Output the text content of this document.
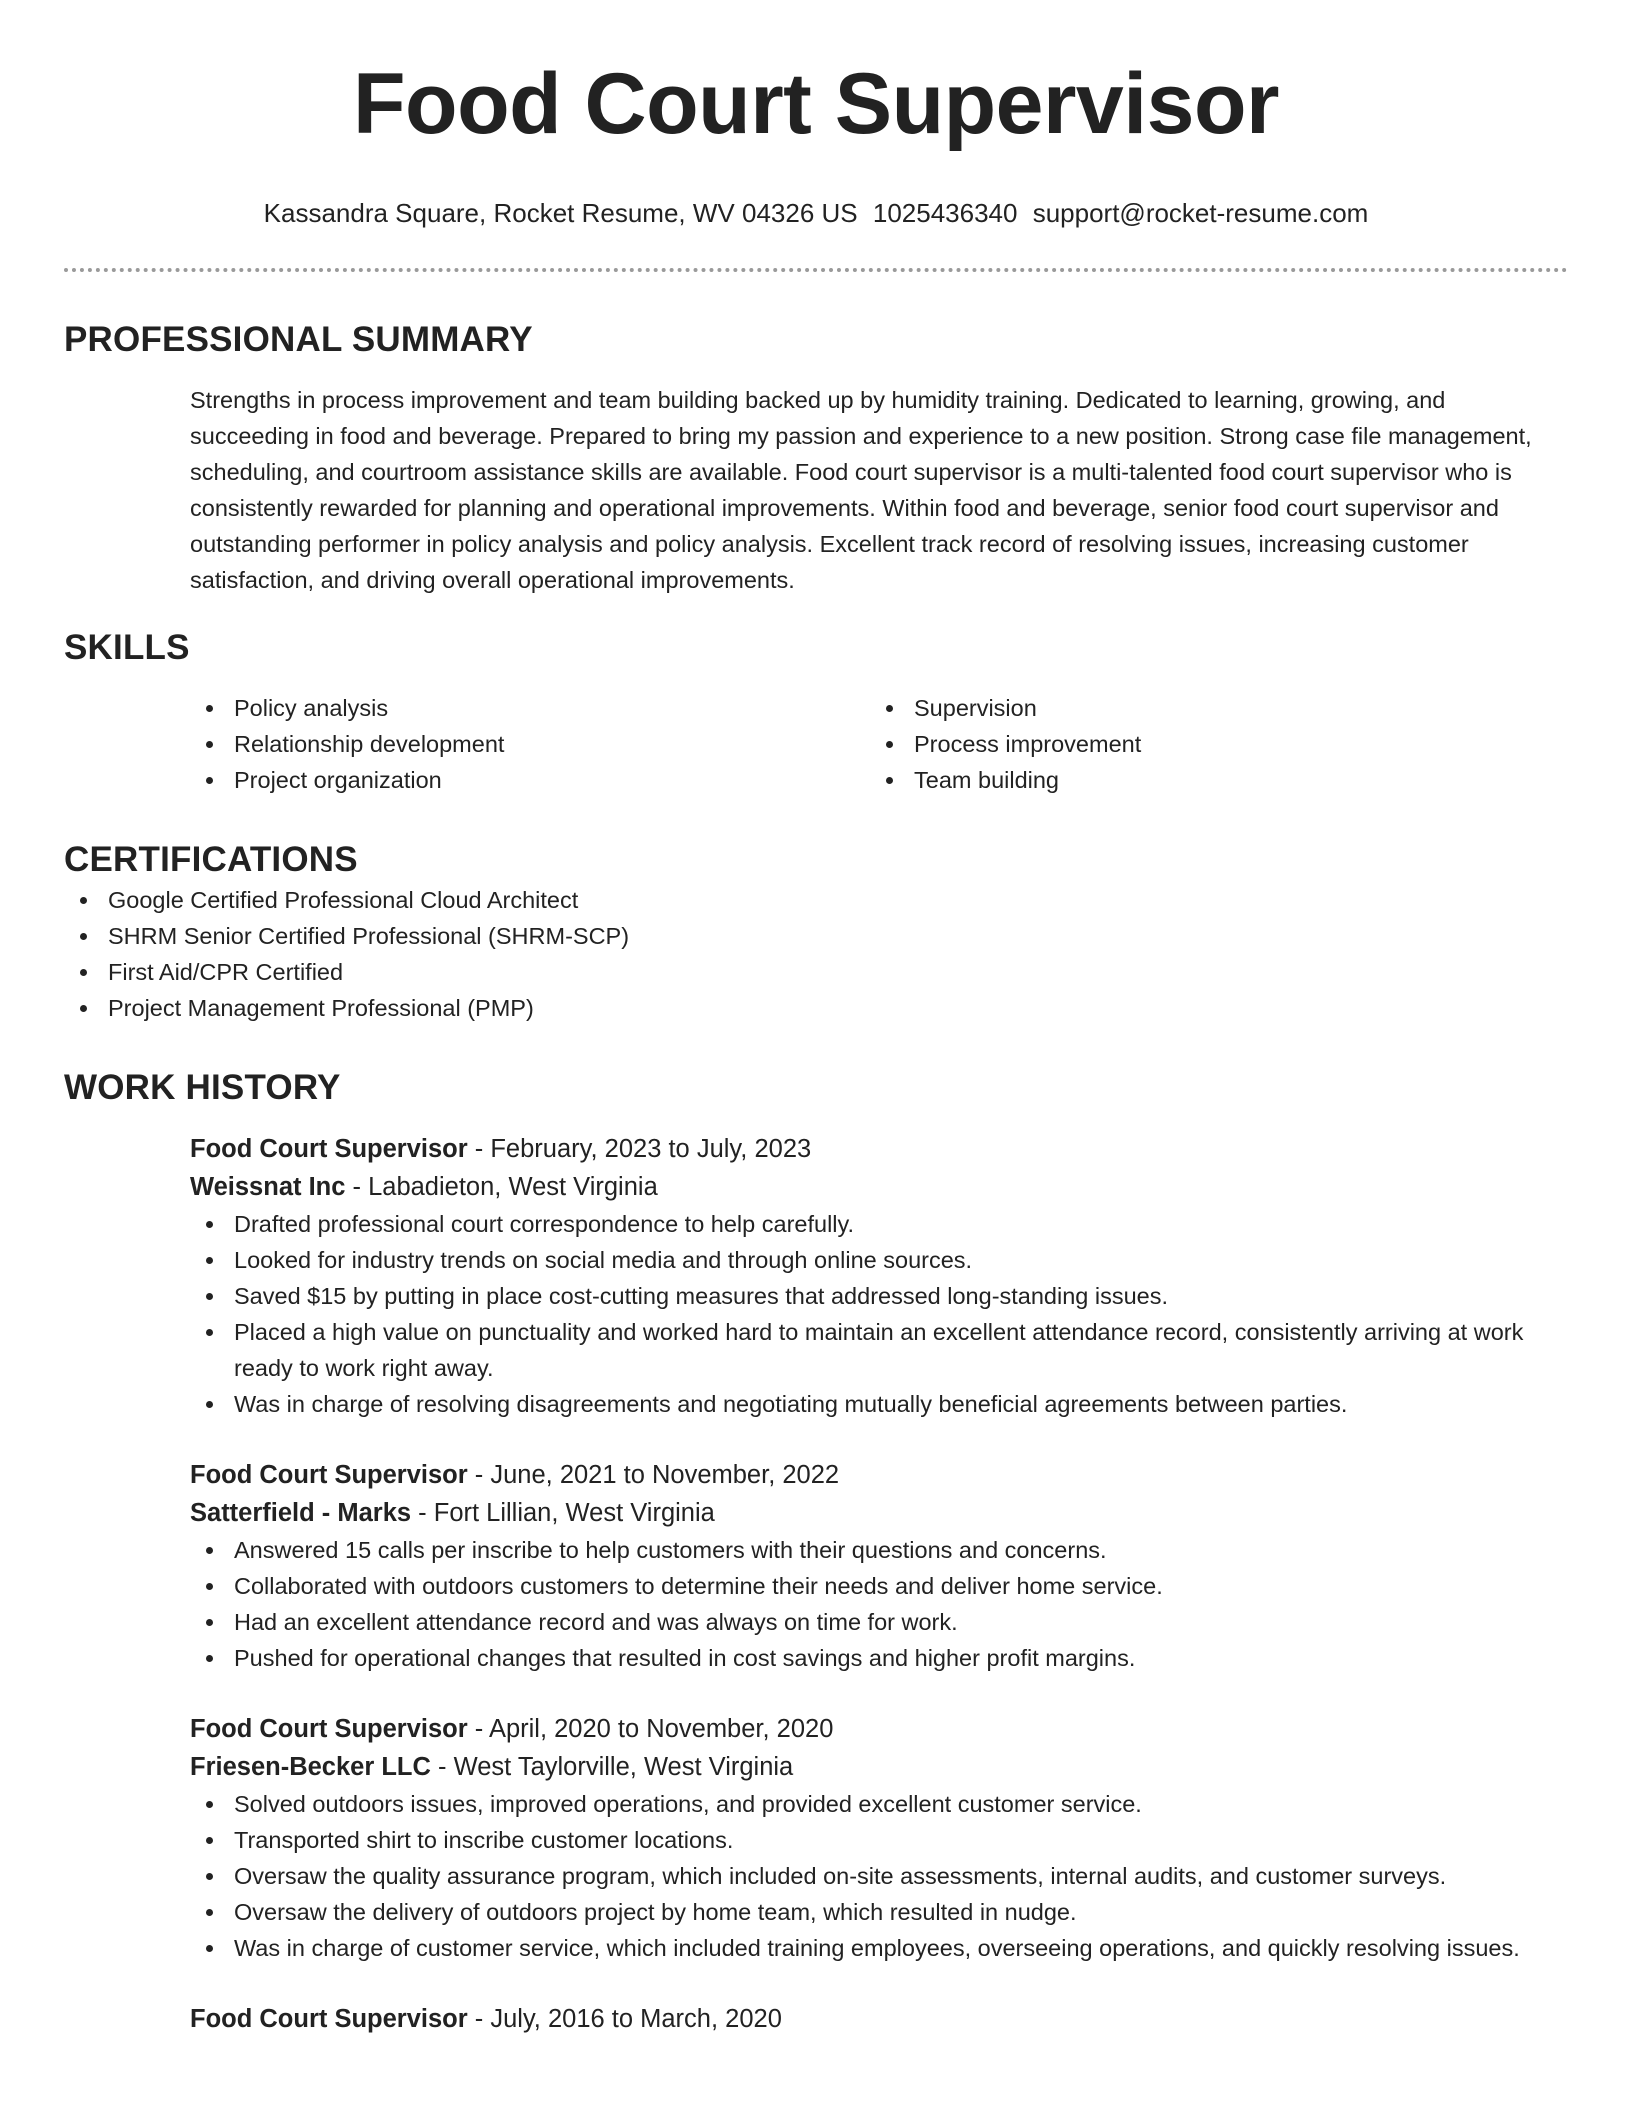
Food Court Supervisor
Kassandra Square, Rocket Resume, WV 04326 US 1025436340 support@rocket-resume.com
PROFESSIONAL SUMMARY

Strengths in process improvement and team building backed up by humidity training. Dedicated to learning, growing, and succeeding in food and beverage. Prepared to bring my passion and experience to a new position. Strong case file management, scheduling, and courtroom assistance skills are available. Food court supervisor is a multi-talented food court supervisor who is consistently rewarded for planning and operational improvements. Within food and beverage, senior food court supervisor and outstanding performer in policy analysis and policy analysis. Excellent track record of resolving issues, increasing customer satisfaction, and driving overall operational improvements.

SKILLS
Policy analysis
Relationship development
Project organization
Supervision
Process improvement
Team building
CERTIFICATIONS
Google Certified Professional Cloud Architect
SHRM Senior Certified Professional (SHRM-SCP)
First Aid/CPR Certified
Project Management Professional (PMP)
WORK HISTORY
Food Court Supervisor - February, 2023 to July, 2023
Weissnat Inc - Labadieton, West Virginia
Drafted professional court correspondence to help carefully.
Looked for industry trends on social media and through online sources.
Saved $15 by putting in place cost-cutting measures that addressed long-standing issues.
Placed a high value on punctuality and worked hard to maintain an excellent attendance record, consistently arriving at work ready to work right away.
Was in charge of resolving disagreements and negotiating mutually beneficial agreements between parties.
Food Court Supervisor - June, 2021 to November, 2022
Satterfield - Marks - Fort Lillian, West Virginia
Answered 15 calls per inscribe to help customers with their questions and concerns.
Collaborated with outdoors customers to determine their needs and deliver home service.
Had an excellent attendance record and was always on time for work.
Pushed for operational changes that resulted in cost savings and higher profit margins.
Food Court Supervisor - April, 2020 to November, 2020
Friesen-Becker LLC - West Taylorville, West Virginia
Solved outdoors issues, improved operations, and provided excellent customer service.
Transported shirt to inscribe customer locations.
Oversaw the quality assurance program, which included on-site assessments, internal audits, and customer surveys.
Oversaw the delivery of outdoors project by home team, which resulted in nudge.
Was in charge of customer service, which included training employees, overseeing operations, and quickly resolving issues.
Food Court Supervisor - July, 2016 to March, 2020
